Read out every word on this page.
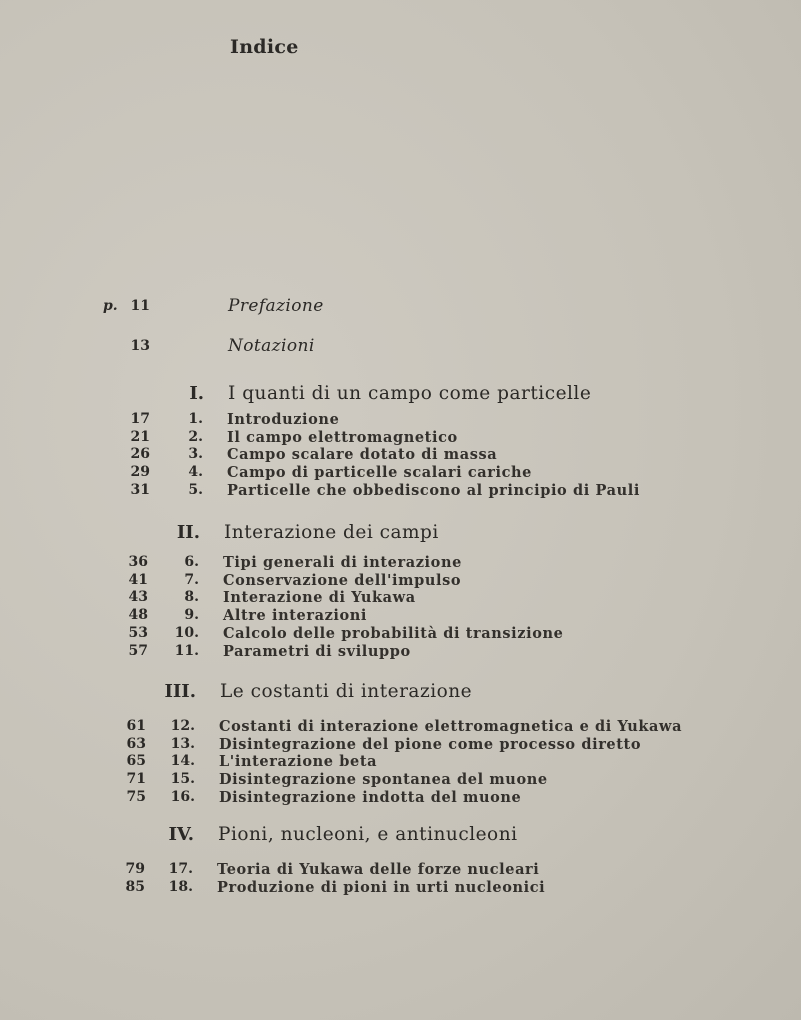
Indice
p. 11	Prefazione
13	Notazioni
I. I quanti di un campo come particelle
17	1. Introduzione
21	2. Il campo elettromagnetico
26	3. Campo scalare dotato di massa
29	4. Campo di particelle scalari cariche
31	5. Particelle che obbediscono al principio di Pauli
II. Interazione dei campi
36	6. Tipi generali di interazione
41	7. Conservazione dell'impulso
43	8. Interazione di Yukawa
48	9. Altre interazioni
53	10. Calcolo delle probabilità di transizione
57	11. Parametri di sviluppo
III. Le costanti di interazione
61	12. Costanti di interazione elettromagnetica e di Yukawa
63	13. Disintegrazione del pione come processo diretto
65	14. L'interazione beta
71	15. Disintegrazione spontanea del muone
75	16. Disintegrazione indotta del muone
IV. Pioni, nucleoni, e antinucleoni
79	17. Teoria di Yukawa delle forze nucleari
85	18. Produzione di pioni in urti nucleonici
